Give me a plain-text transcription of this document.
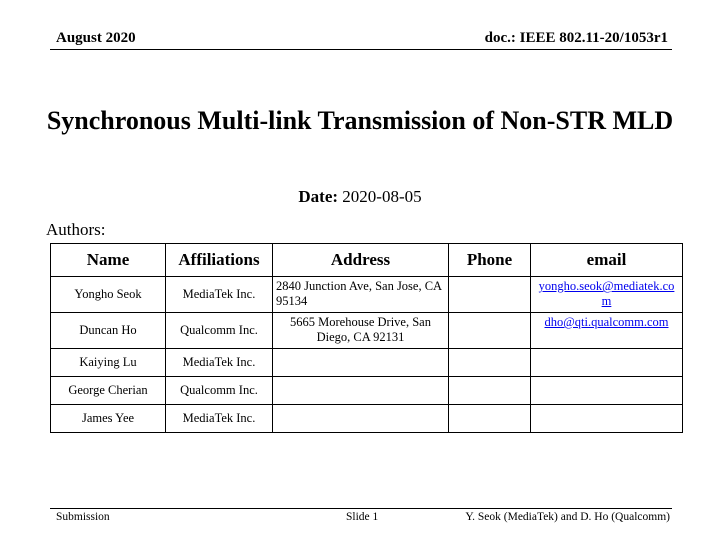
August 2020	doc.: IEEE 802.11-20/1053r1
Synchronous Multi-link Transmission of Non-STR MLD
Date: 2020-08-05
Authors:
Name	Affiliations	Address	Phone	email
Yongho Seok	MediaTek Inc.	2840 Junction Ave, San Jose, CA 95134		yongho.seok@mediatek.com
Duncan Ho	Qualcomm Inc.	5665 Morehouse Drive, San Diego, CA 92131		dho@qti.qualcomm.com
Kaiying Lu	MediaTek Inc.			
George Cherian	Qualcomm Inc.			
James Yee	MediaTek Inc.			
Submission	Slide 1	Y. Seok (MediaTek) and D. Ho (Qualcomm)
